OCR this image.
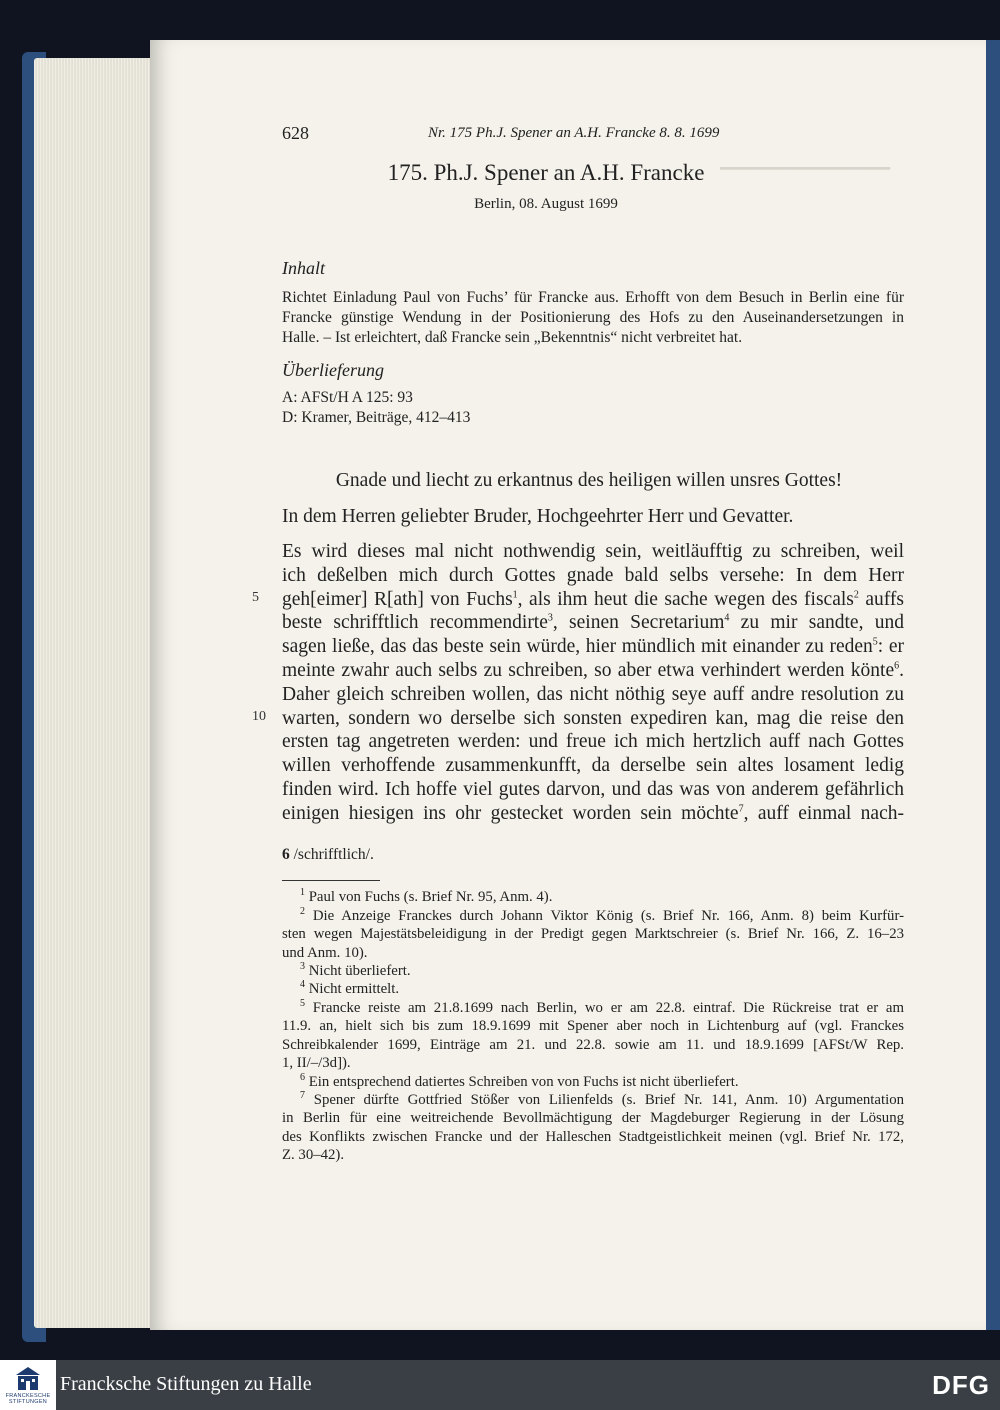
▔▔▔▔▔▔▔▔▔▔▔▔▔
628	Nr. 175 Ph.J. Spener an A.H. Francke 8. 8. 1699
175. Ph.J. Spener an A.H. Francke
Berlin, 08. August 1699
Inhalt
Richtet Einladung Paul von Fuchs’ für Francke aus. Erhofft von dem Besuch in Berlin eine für
Francke günstige Wendung in der Positionierung des Hofs zu den Auseinandersetzungen in
Halle. – Ist erleichtert, daß Francke sein „Bekenntnis“ nicht verbreitet hat.
Überlieferung
A: AFSt/H A 125: 93
D: Kramer, Beiträge, 412–413
Gnade und liecht zu erkantnus des heiligen willen unsres Gottes!
In dem Herren geliebter Bruder, Hochgeehrter Herr und Gevatter.
Es wird dieses mal nicht nothwendig sein, weitläufftig zu schreiben, weil
ich deßelben mich durch Gottes gnade bald selbs versehe: In dem Herr
geh[eimer] R[ath] von Fuchs$^1$, als ihm heut die sache wegen des fiscals$^2$ auffs
beste schrifftlich recommendirte$^3$, seinen Secretarium$^4$ zu mir sandte, und
sagen ließe, das das beste sein würde, hier mündlich mit einander zu reden$^5$: er
meinte zwahr auch selbs zu schreiben, so aber etwa verhindert werden könte$^6$.
Daher gleich schreiben wollen, das nicht nöthig seye auff andre resolution zu
warten, sondern wo derselbe sich sonsten expediren kan, mag die reise den
ersten tag angetreten werden: und freue ich mich hertzlich auff nach Gottes
willen verhoffende zusammenkunfft, da derselbe sein altes losament ledig
finden wird. Ich hoffe viel gutes darvon, und das was von anderem gefährlich
einigen hiesigen ins ohr gestecket worden sein möchte$^7$, auff einmal nach-
5
10
6 /schrifftlich/.
$^1$ Paul von Fuchs (s. Brief Nr. 95, Anm. 4).
$^2$ Die Anzeige Franckes durch Johann Viktor König (s. Brief Nr. 166, Anm. 8) beim Kurfür-
sten wegen Majestätsbeleidigung in der Predigt gegen Marktschreier (s. Brief Nr. 166, Z. 16–23
und Anm. 10).
$^3$ Nicht überliefert.
$^4$ Nicht ermittelt.
$^5$ Francke reiste am 21.8.1699 nach Berlin, wo er am 22.8. eintraf. Die Rückreise trat er am
11.9. an, hielt sich bis zum 18.9.1699 mit Spener aber noch in Lichtenburg auf (vgl. Franckes
Schreibkalender 1699, Einträge am 21. und 22.8. sowie am 11. und 18.9.1699 [AFSt/W Rep.
1, II/–/3d]).
$^6$ Ein entsprechend datiertes Schreiben von von Fuchs ist nicht überliefert.
$^7$ Spener dürfte Gottfried Stößer von Lilienfelds (s. Brief Nr. 141, Anm. 10) Argumentation
in Berlin für eine weitreichende Bevollmächtigung der Magdeburger Regierung in der Lösung
des Konflikts zwischen Francke und der Halleschen Stadtgeistlichkeit meinen (vgl. Brief Nr. 172,
Z. 30–42).
FRANCKESCHE STIFTUNGEN
Francksche Stiftungen zu Halle	DFG
